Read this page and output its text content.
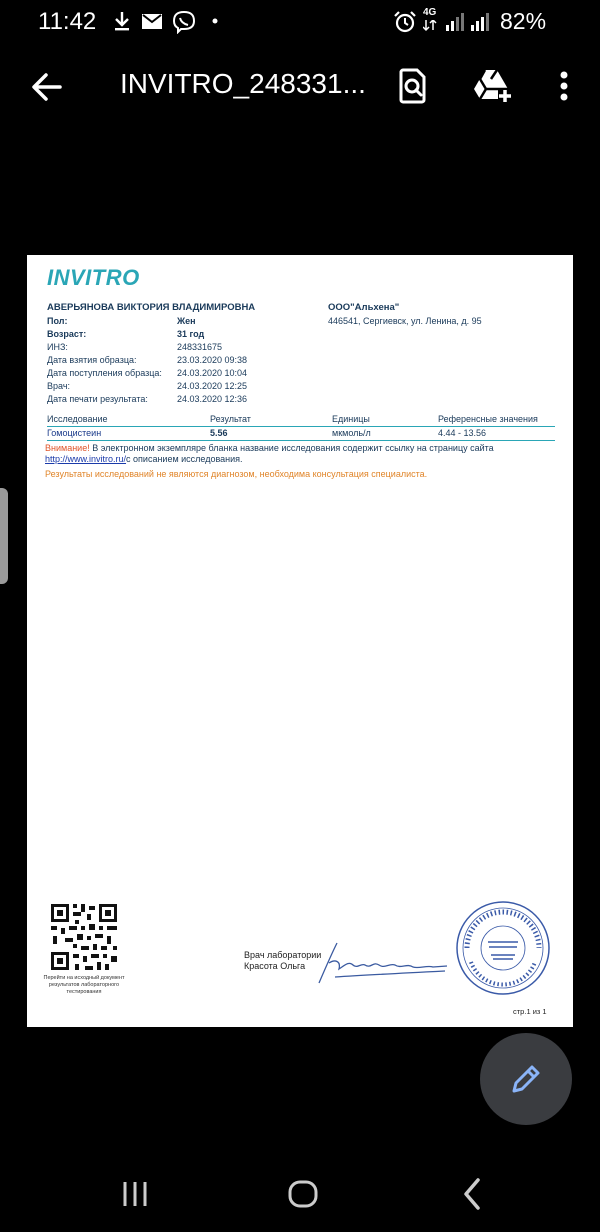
11:42	4G	82%
INVITRO_248331...
INVITRO
АВЕРЬЯНОВА ВИКТОРИЯ ВЛАДИМИРОВНА
Пол:	Жен
Возраст:	31 год
ИНЗ:	248331675
Дата взятия образца:	23.03.2020 09:38
Дата поступления образца: 24.03.2020 10:04
Врач:	24.03.2020 12:25
Дата печати результата:	24.03.2020 12:36
ООО"Альхена"
446541, Сергиевск, ул. Ленина, д. 95
Исследование	Результат	Единицы	Референсные значения
Гомоцистеин	5.56	мкмоль/л	4.44 - 13.56
Внимание! В электронном экземпляре бланка название исследования содержит ссылку на страницу сайта
http://www.invitro.ru/с описанием исследования.
Результаты исследований не являются диагнозом, необходима консультация специалиста.
Перейти на исходный документ результатов лабораторного тестирования
Врач лаборатории
Красота Ольга
стр.1 из 1
